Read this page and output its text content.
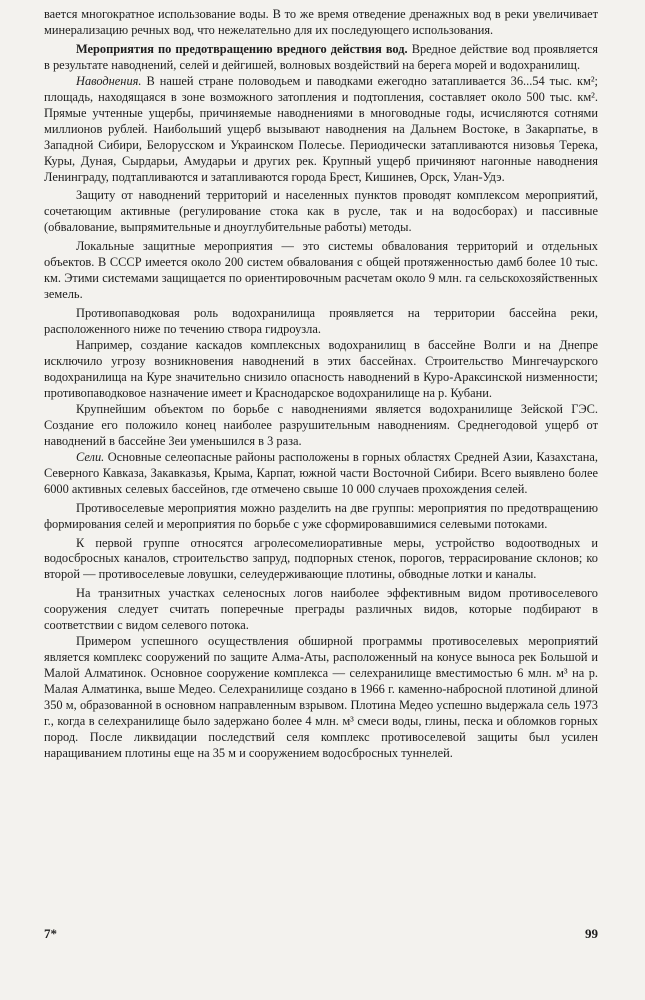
вается многократное использование воды. В то же время отведение дренажных вод в реки увеличивает минерализацию речных вод, что нежелательно для их последующего использования.

Мероприятия по предотвращению вредного действия вод. Вредное действие вод проявляется в результате наводнений, селей и дейгишей, волновых воздействий на берега морей и водохранилищ.

Наводнения. В нашей стране половодьем и паводками ежегодно затапливается 36...54 тыс. км²; площадь, находящаяся в зоне возможного затопления и подтопления, составляет около 500 тыс. км². Прямые учтенные ущербы, причиняемые наводнениями в многоводные годы, исчисляются сотнями миллионов рублей. Наибольший ущерб вызывают наводнения на Дальнем Востоке, в Закарпатье, в Западной Сибири, Белорусском и Украинском Полесье. Периодически затапливаются низовья Терека, Куры, Дуная, Сырдарьи, Амударьи и других рек. Крупный ущерб причиняют нагонные наводнения Ленинграду, подтапливаются и затапливаются города Брест, Кишинев, Орск, Улан-Удэ.

Защиту от наводнений территорий и населенных пунктов проводят комплексом мероприятий, сочетающим активные (регулирование стока как в русле, так и на водосборах) и пассивные (обвалование, выпрямительные и дноуглубительные работы) методы.

Локальные защитные мероприятия — это системы обвалования территорий и отдельных объектов. В СССР имеется около 200 систем обвалования с общей протяженностью дамб более 10 тыс. км. Этими системами защищается по ориентировочным расчетам около 9 млн. га сельскохозяйственных земель.

Противопаводковая роль водохранилища проявляется на территории бассейна реки, расположенного ниже по течению створа гидроузла.

Например, создание каскадов комплексных водохранилищ в бассейне Волги и на Днепре исключило угрозу возникновения наводнений в этих бассейнах. Строительство Мингечаурского водохранилища на Куре значительно снизило опасность наводнений в Куро-Араксинской низменности; противопаводковое назначение имеет и Краснодарское водохранилище на р. Кубани.

Крупнейшим объектом по борьбе с наводнениями является водохранилище Зейской ГЭС. Создание его положило конец наиболее разрушительным наводнениям. Среднегодовой ущерб от наводнений в бассейне Зеи уменьшился в 3 раза.

Сели. Основные селеопасные районы расположены в горных областях Средней Азии, Казахстана, Северного Кавказа, Закавказья, Крыма, Карпат, южной части Восточной Сибири. Всего выявлено более 6000 активных селевых бассейнов, где отмечено свыше 10 000 случаев прохождения селей.

Противоселевые мероприятия можно разделить на две группы: мероприятия по предотвращению формирования селей и мероприятия по борьбе с уже сформировавшимися селевыми потоками.

К первой группе относятся агролесомелиоративные меры, устройство водоотводных и водосбросных каналов, строительство запруд, подпорных стенок, порогов, террасирование склонов; ко второй — противоселевые ловушки, селеудерживающие плотины, обводные лотки и каналы.

На транзитных участках селеносных логов наиболее эффективным видом противоселевого сооружения следует считать поперечные преграды различных видов, которые подбирают в соответствии с видом селевого потока.

Примером успешного осуществления обширной программы противоселевых мероприятий является комплекс сооружений по защите Алма-Аты, расположенный на конусе выноса рек Большой и Малой Алматинок. Основное сооружение комплекса — селехранилище вместимостью 6 млн. м³ на р. Малая Алматинка, выше Медео. Селехранилище создано в 1966 г. каменно-набросной плотиной длиной 350 м, образованной в основном направленным взрывом. Плотина Медео успешно выдержала сель 1973 г., когда в селехранилище было задержано более 4 млн. м³ смеси воды, глины, песка и обломков горных пород. После ликвидации последствий селя комплекс противоселевой защиты был усилен наращиванием плотины еще на 35 м и сооружением водосбросных туннелей.

7*	99
